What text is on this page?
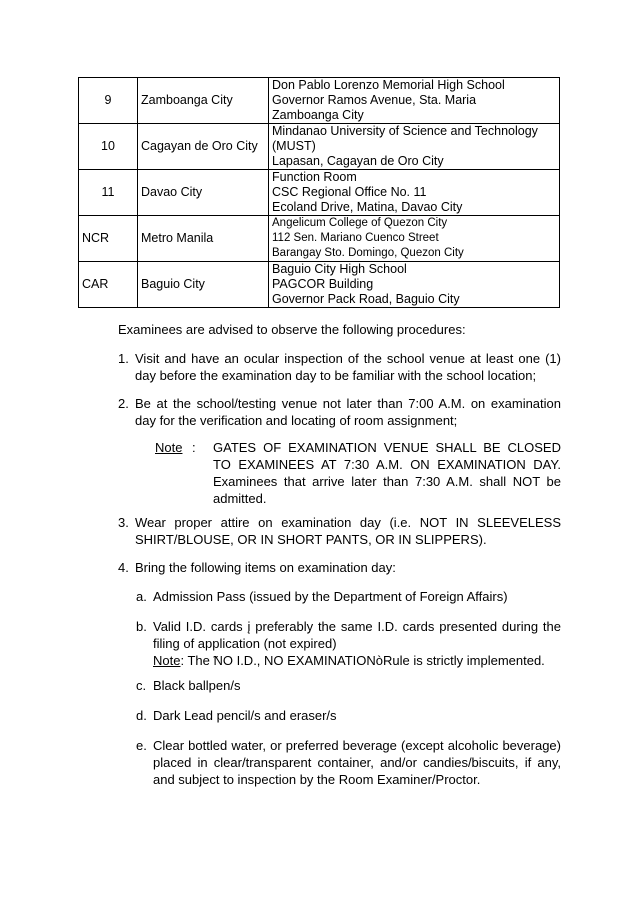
9	Zamboanga City	Don Pablo Lorenzo Memorial High School
Governor Ramos Avenue, Sta. Maria
Zamboanga City

10	Cagayan de Oro City	Mindanao University of Science and Technology
(MUST)
Lapasan, Cagayan de Oro City

11	Davao City	Function Room
CSC Regional Office No. 11
Ecoland Drive, Matina, Davao City

NCR	Metro Manila	Angelicum College of Quezon City
112 Sen. Mariano Cuenco Street
Barangay Sto. Domingo, Quezon City

CAR	Baguio City	Baguio City High School
PAGCOR Building
Governor Pack Road, Baguio City
Examinees are advised to observe the following procedures:
1. Visit and have an ocular inspection of the school venue at least one (1) day before the examination day to be familiar with the school location;
2. Be at the school/testing venue not later than 7:00 A.M. on examination day for the verification and locating of room assignment;
Note : GATES OF EXAMINATION VENUE SHALL BE CLOSED TO EXAMINEES AT 7:30 A.M. ON EXAMINATION DAY. Examinees that arrive later than 7:30 A.M. shall NOT be admitted.
3. Wear proper attire on examination day (i.e. NOT IN SLEEVELESS SHIRT/BLOUSE, OR IN SHORT PANTS, OR IN SLIPPERS).
4. Bring the following items on examination day:
a. Admission Pass (issued by the Department of Foreign Affairs)
b. Valid I.D. cards į preferably the same I.D. cards presented during the filing of application (not expired)
Note: The ̃NO I.D., NO EXAMINATIONòRule is strictly implemented.
c. Black ballpen/s
d. Dark Lead pencil/s and eraser/s
e. Clear bottled water, or preferred beverage (except alcoholic beverage) placed in clear/transparent container, and/or candies/biscuits, if any, and subject to inspection by the Room Examiner/Proctor.
